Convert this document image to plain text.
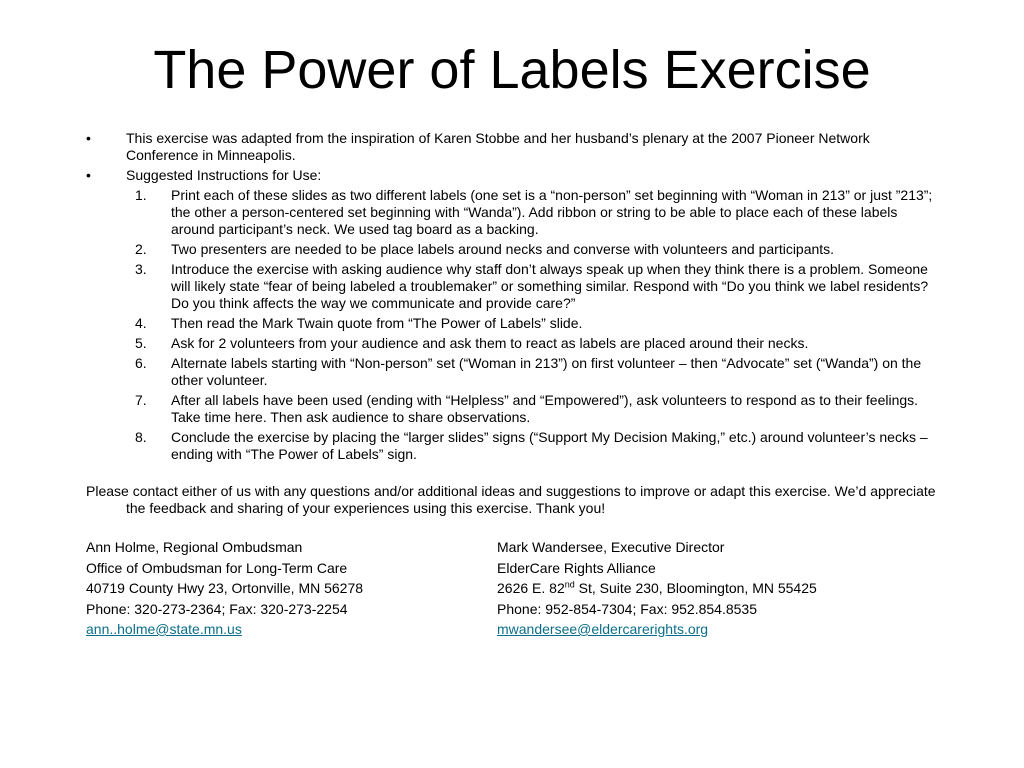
The Power of Labels Exercise
•	This exercise was adapted from the inspiration of Karen Stobbe and her husband’s plenary at the 2007 Pioneer Network Conference in Minneapolis.
•	Suggested Instructions for Use:
1.	Print each of these slides as two different labels (one set is a “non-person” set beginning with “Woman in 213” or just ”213”; the other a person-centered set beginning with “Wanda”). Add ribbon or string to be able to place each of these labels around participant’s neck. We used tag board as a backing.
2.	Two presenters are needed to be place labels around necks and converse with volunteers and participants.
3.	Introduce the exercise with asking audience why staff don’t always speak up when they think there is a problem. Someone will likely state “fear of being labeled a troublemaker” or something similar. Respond with “Do you think we label residents? Do you think affects the way we communicate and provide care?”
4.	Then read the Mark Twain quote from “The Power of Labels” slide.
5.	Ask for 2 volunteers from your audience and ask them to react as labels are placed around their necks.
6.	Alternate labels starting with “Non-person” set (“Woman in 213”) on first volunteer – then “Advocate” set (“Wanda”) on the other volunteer.
7.	After all labels have been used (ending with “Helpless” and “Empowered”), ask volunteers to respond as to their feelings. Take time here. Then ask audience to share observations.
8.	Conclude the exercise by placing the “larger slides” signs (“Support My Decision Making,” etc.) around volunteer’s necks – ending with “The Power of Labels” sign.
Please contact either of us with any questions and/or additional ideas and suggestions to improve or adapt this exercise. We’d appreciate the feedback and sharing of your experiences using this exercise. Thank you!
Ann Holme, Regional Ombudsman
Office of Ombudsman for Long-Term Care
40719 County Hwy 23, Ortonville, MN 56278
Phone: 320-273-2364; Fax: 320-273-2254
ann..holme@state.mn.us
Mark Wandersee, Executive Director
ElderCare Rights Alliance
2626 E. 82nd St, Suite 230, Bloomington, MN 55425
Phone: 952-854-7304; Fax: 952.854.8535
mwandersee@eldercarerights.org
